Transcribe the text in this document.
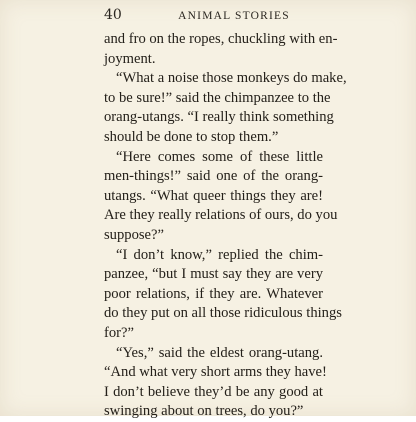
40	ANIMAL STORIES
and fro on the ropes, chuckling with en-
joyment.
“What a noise those monkeys do make,
to be sure!” said the chimpanzee to the
orang-utangs. “I really think something
should be done to stop them.”
“Here comes some of these little
men-things!” said one of the orang-
utangs. “What queer things they are!
Are they really relations of ours, do you
suppose?”
“I don’t know,” replied the chim-
panzee, “but I must say they are very
poor relations, if they are. Whatever
do they put on all those ridiculous things
for?”
“Yes,” said the eldest orang-utang.
“And what very short arms they have!
I don’t believe they’d be any good at
swinging about on trees, do you?”
